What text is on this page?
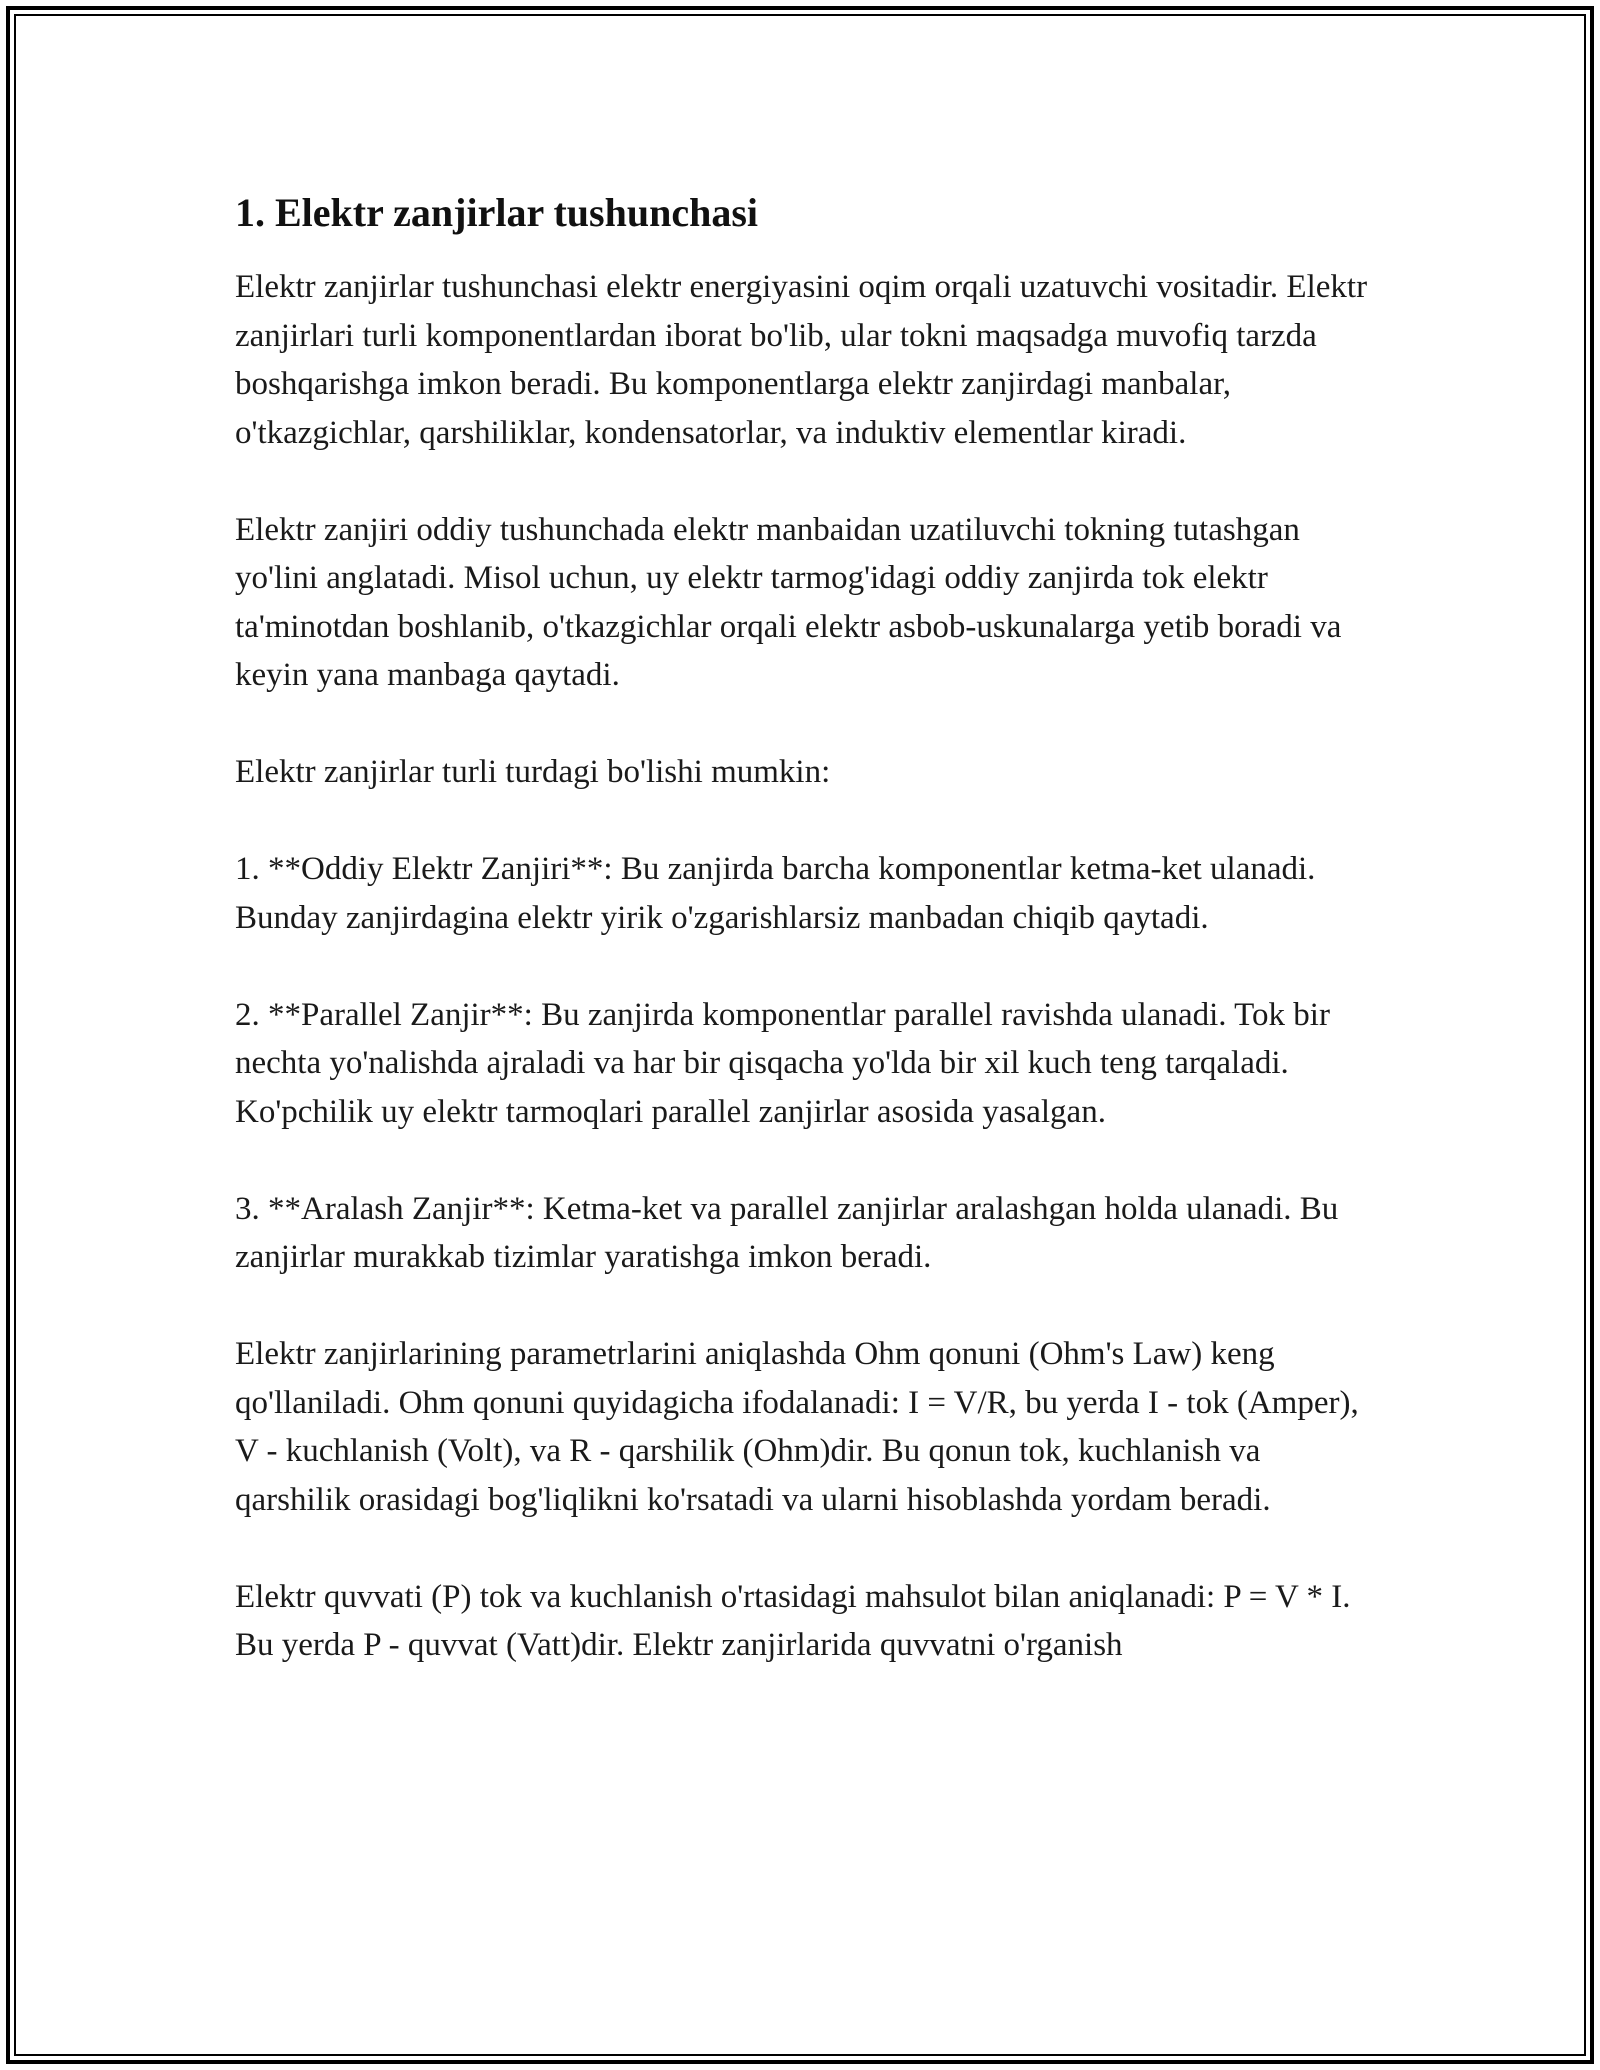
1. Elektr zanjirlar tushunchasi

Elektr zanjirlar tushunchasi elektr energiyasini oqim orqali uzatuvchi vositadir. Elektr zanjirlari turli komponentlardan iborat bo'lib, ular tokni maqsadga muvofiq tarzda boshqarishga imkon beradi. Bu komponentlarga elektr zanjirdagi manbalar, o'tkazgichlar, qarshiliklar, kondensatorlar, va induktiv elementlar kiradi.

Elektr zanjiri oddiy tushunchada elektr manbaidan uzatiluvchi tokning tutashgan yo'lini anglatadi. Misol uchun, uy elektr tarmog'idagi oddiy zanjirda tok elektr ta'minotdan boshlanib, o'tkazgichlar orqali elektr asbob-uskunalarga yetib boradi va keyin yana manbaga qaytadi.

Elektr zanjirlar turli turdagi bo'lishi mumkin:

1. **Oddiy Elektr Zanjiri**: Bu zanjirda barcha komponentlar ketma-ket ulanadi. Bunday zanjirdagina elektr yirik o'zgarishlarsiz manbadan chiqib qaytadi.

2. **Parallel Zanjir**: Bu zanjirda komponentlar parallel ravishda ulanadi. Tok bir nechta yo'nalishda ajraladi va har bir qisqacha yo'lda bir xil kuch teng tarqaladi. Ko'pchilik uy elektr tarmoqlari parallel zanjirlar asosida yasalgan.

3. **Aralash Zanjir**: Ketma-ket va parallel zanjirlar aralashgan holda ulanadi. Bu zanjirlar murakkab tizimlar yaratishga imkon beradi.

Elektr zanjirlarining parametrlarini aniqlashda Ohm qonuni (Ohm's Law) keng qo'llaniladi. Ohm qonuni quyidagicha ifodalanadi: I = V/R, bu yerda I - tok (Amper), V - kuchlanish (Volt), va R - qarshilik (Ohm)dir. Bu qonun tok, kuchlanish va qarshilik orasidagi bog'liqlikni ko'rsatadi va ularni hisoblashda yordam beradi.

Elektr quvvati (P) tok va kuchlanish o'rtasidagi mahsulot bilan aniqlanadi: P = V * I. Bu yerda P - quvvat (Vatt)dir. Elektr zanjirlarida quvvatni o'rganish
